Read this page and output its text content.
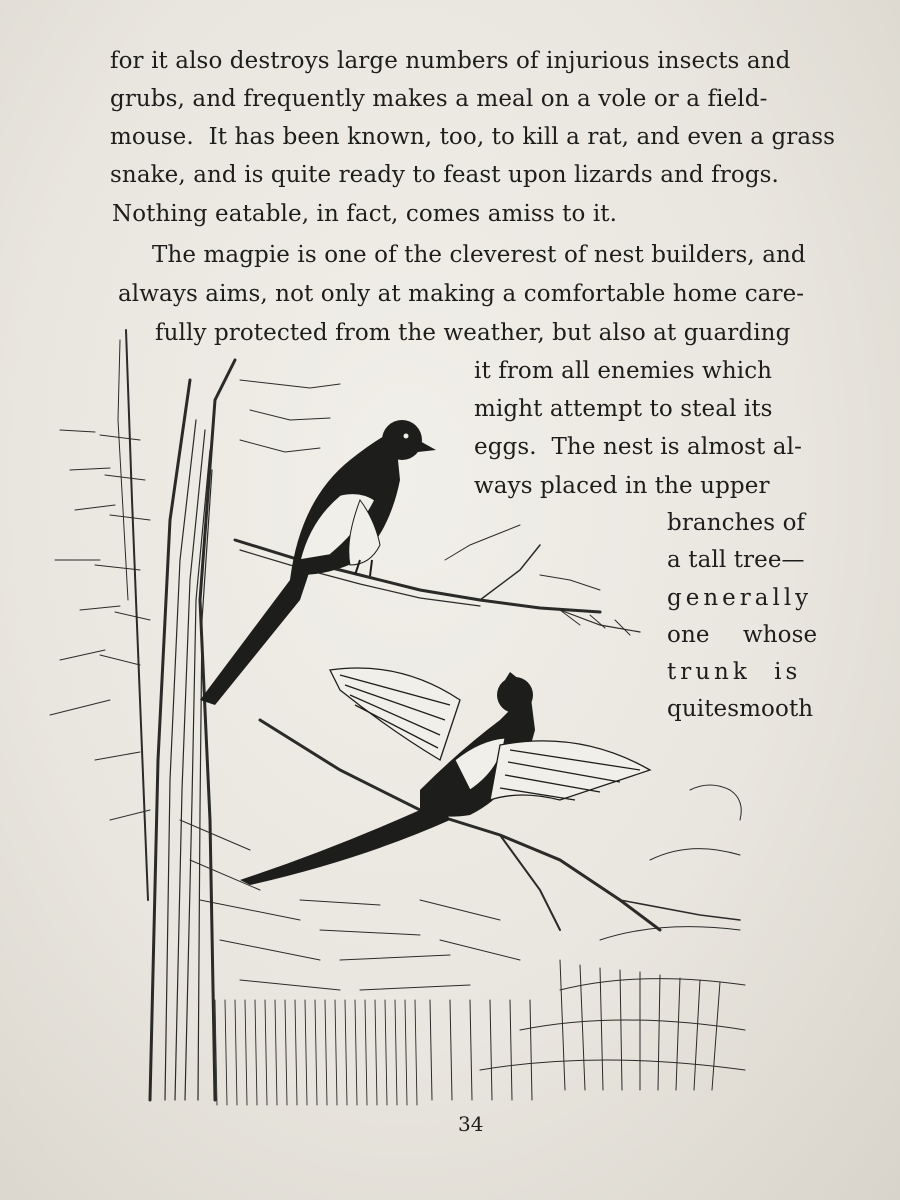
for it also destroys large numbers of injurious insects and
grubs, and frequently makes a meal on a vole or a field-
mouse.  It has been known, too, to kill a rat, and even a grass
snake, and is quite ready to feast upon lizards and frogs.
Nothing eatable, in fact, comes amiss to it.
The magpie is one of the cleverest of nest builders, and
always aims, not only at making a comfortable home care-
fully protected from the weather, but also at guarding
it from all enemies which
might attempt to steal its
eggs.  The nest is almost al-
ways placed in the upper
branches of
a tall tree—
generally
one whose
trunk is
quitesmooth
34
